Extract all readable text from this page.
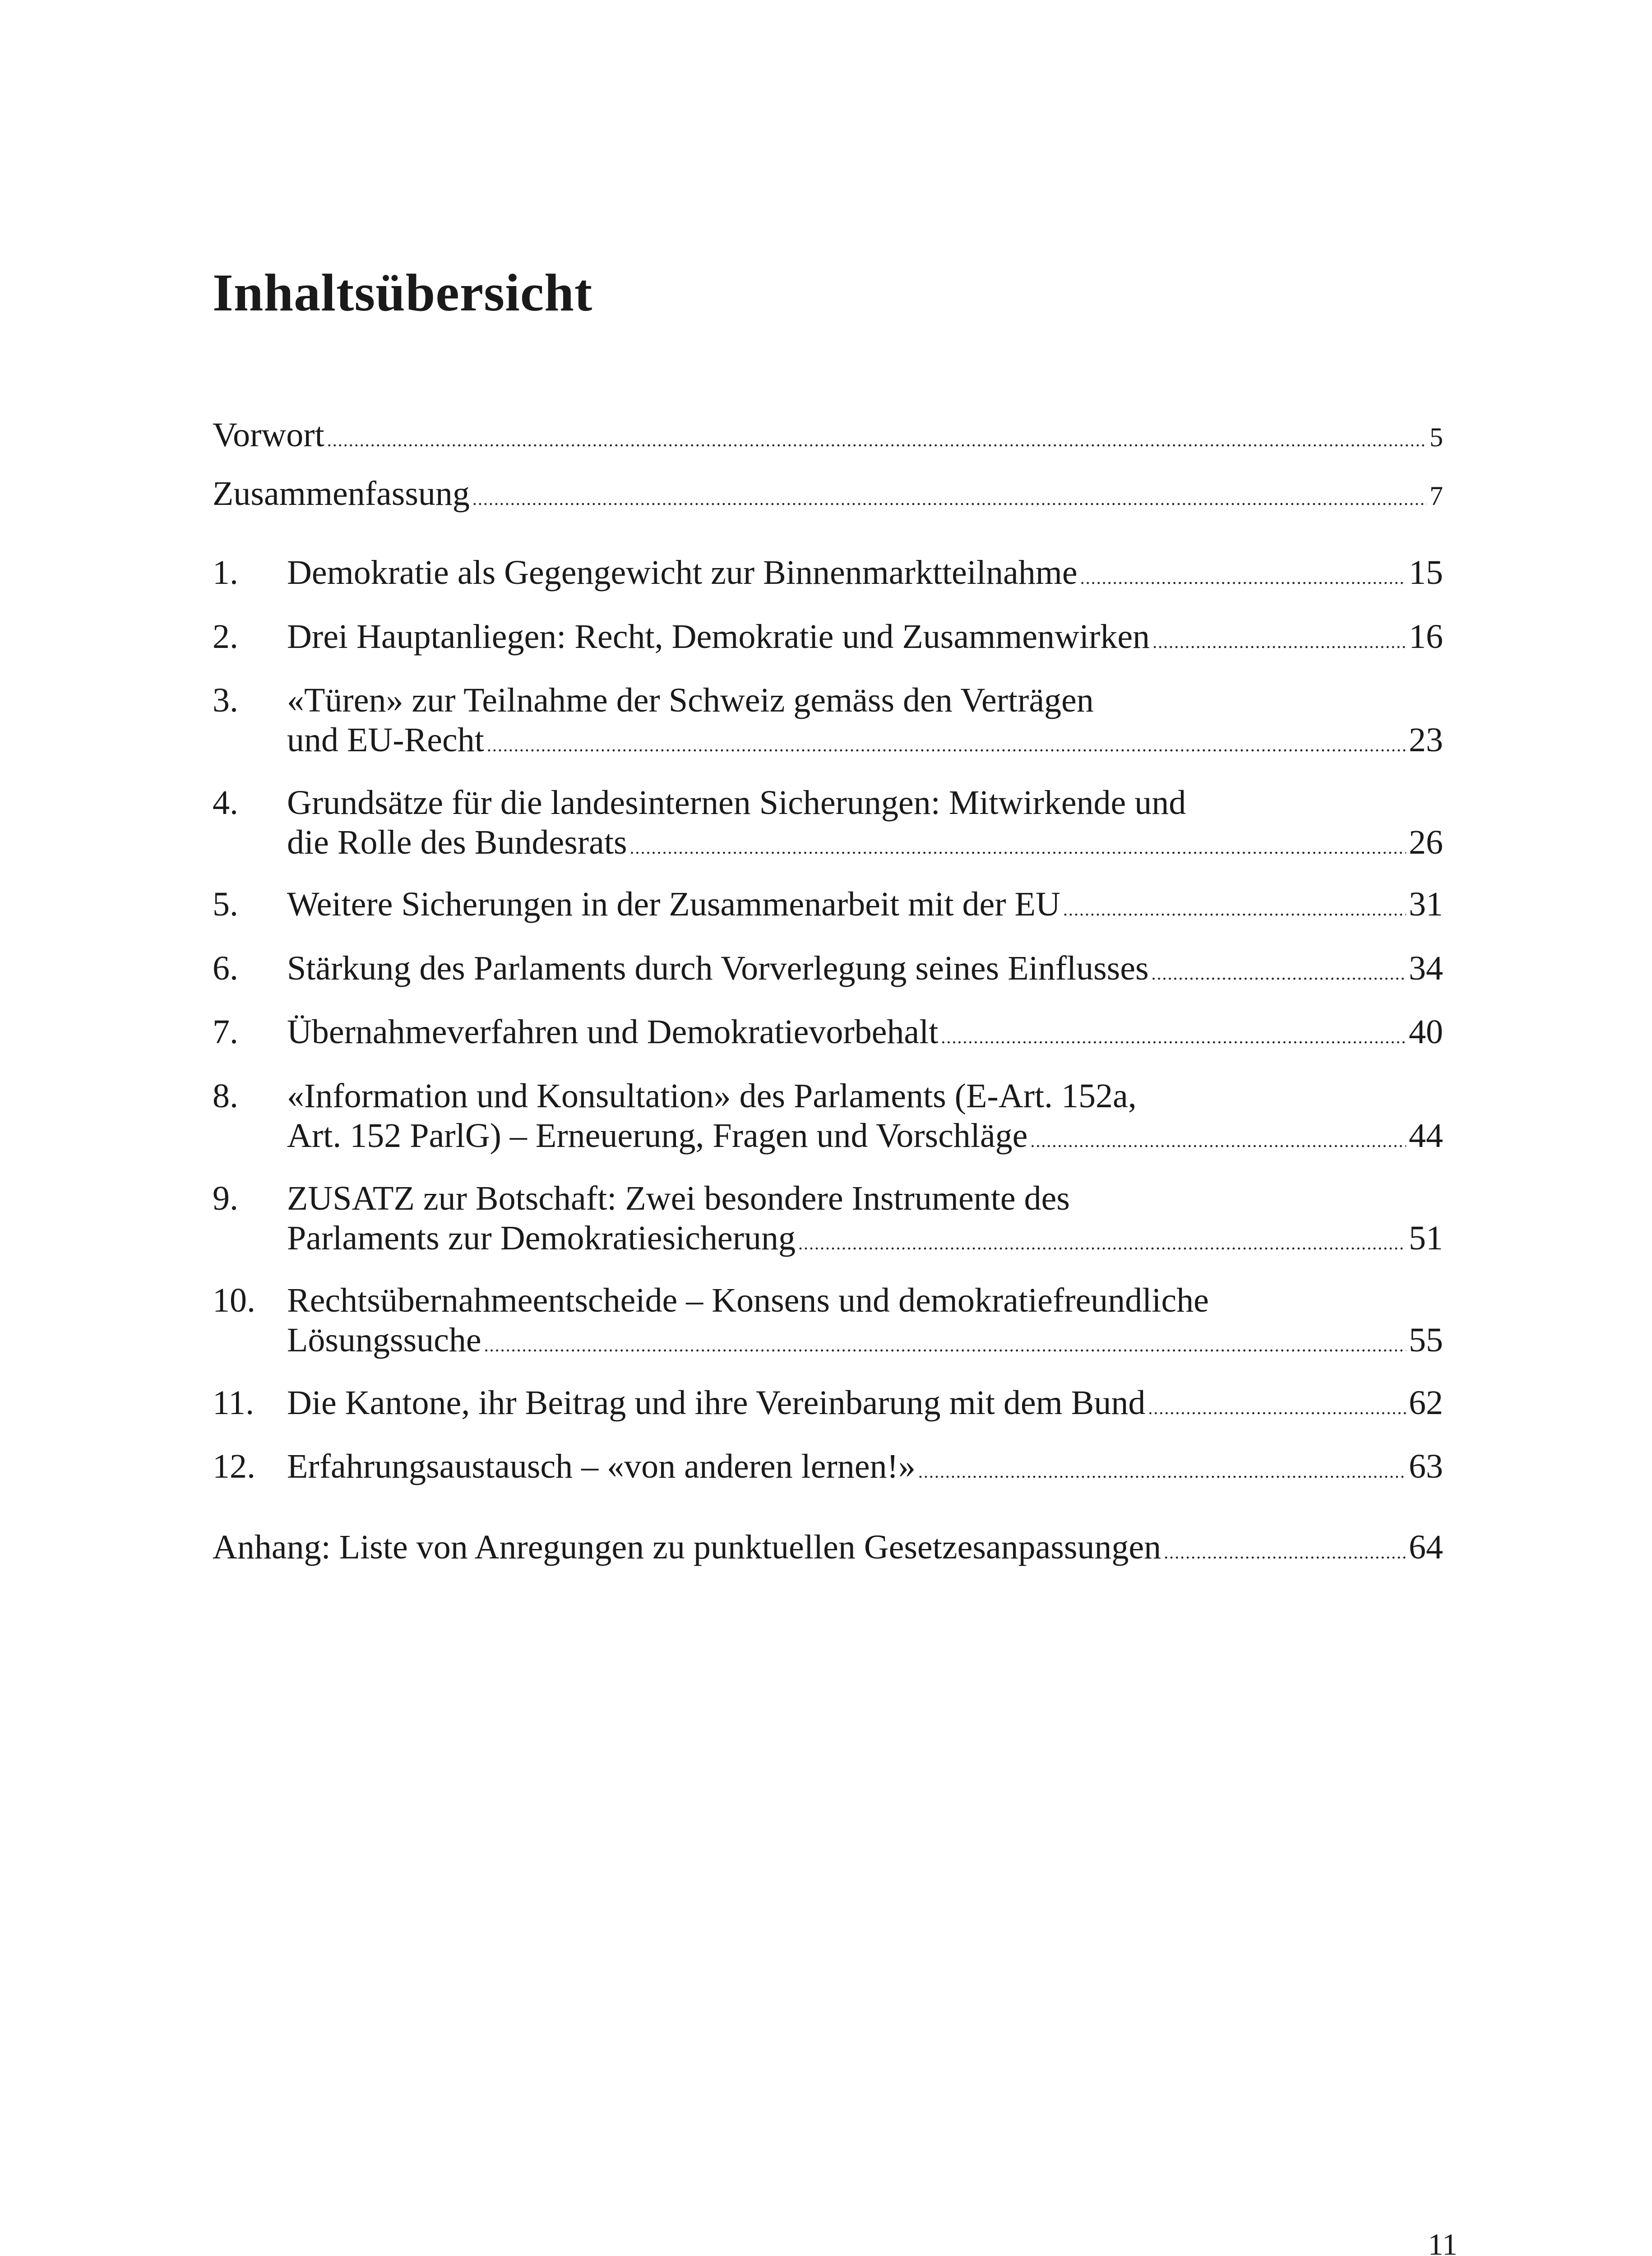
Inhaltsübersicht
Vorwort .....	5
Zusammenfassung .....	7
1.	Demokratie als Gegengewicht zur Binnenmarktteilnahme .....	15
2.	Drei Hauptanliegen: Recht, Demokratie und Zusammenwirken .....	16
3.	«Türen» zur Teilnahme der Schweiz gemäss den Verträgen
und EU-Recht .....	23
4.	Grundsätze für die landesinternen Sicherungen: Mitwirkende und
die Rolle des Bundesrats .....	26
5.	Weitere Sicherungen in der Zusammenarbeit mit der EU .....	31
6.	Stärkung des Parlaments durch Vorverlegung seines Einflusses .....	34
7.	Übernahmeverfahren und Demokratievorbehalt .....	40
8.	«Information und Konsultation» des Parlaments (E-Art. 152a,
Art. 152 ParlG) – Erneuerung, Fragen und Vorschläge .....	44
9.	ZUSATZ zur Botschaft: Zwei besondere Instrumente des
Parlaments zur Demokratiesicherung .....	51
10. Rechtsübernahmeentscheide – Konsens und demokratiefreundliche
Lösungssuche .....	55
11. Die Kantone, ihr Beitrag und ihre Vereinbarung mit dem Bund .....	62
12. Erfahrungsaustausch – «von anderen lernen!» .....	63
Anhang: Liste von Anregungen zu punktuellen Gesetzesanpassungen .....	64
11
